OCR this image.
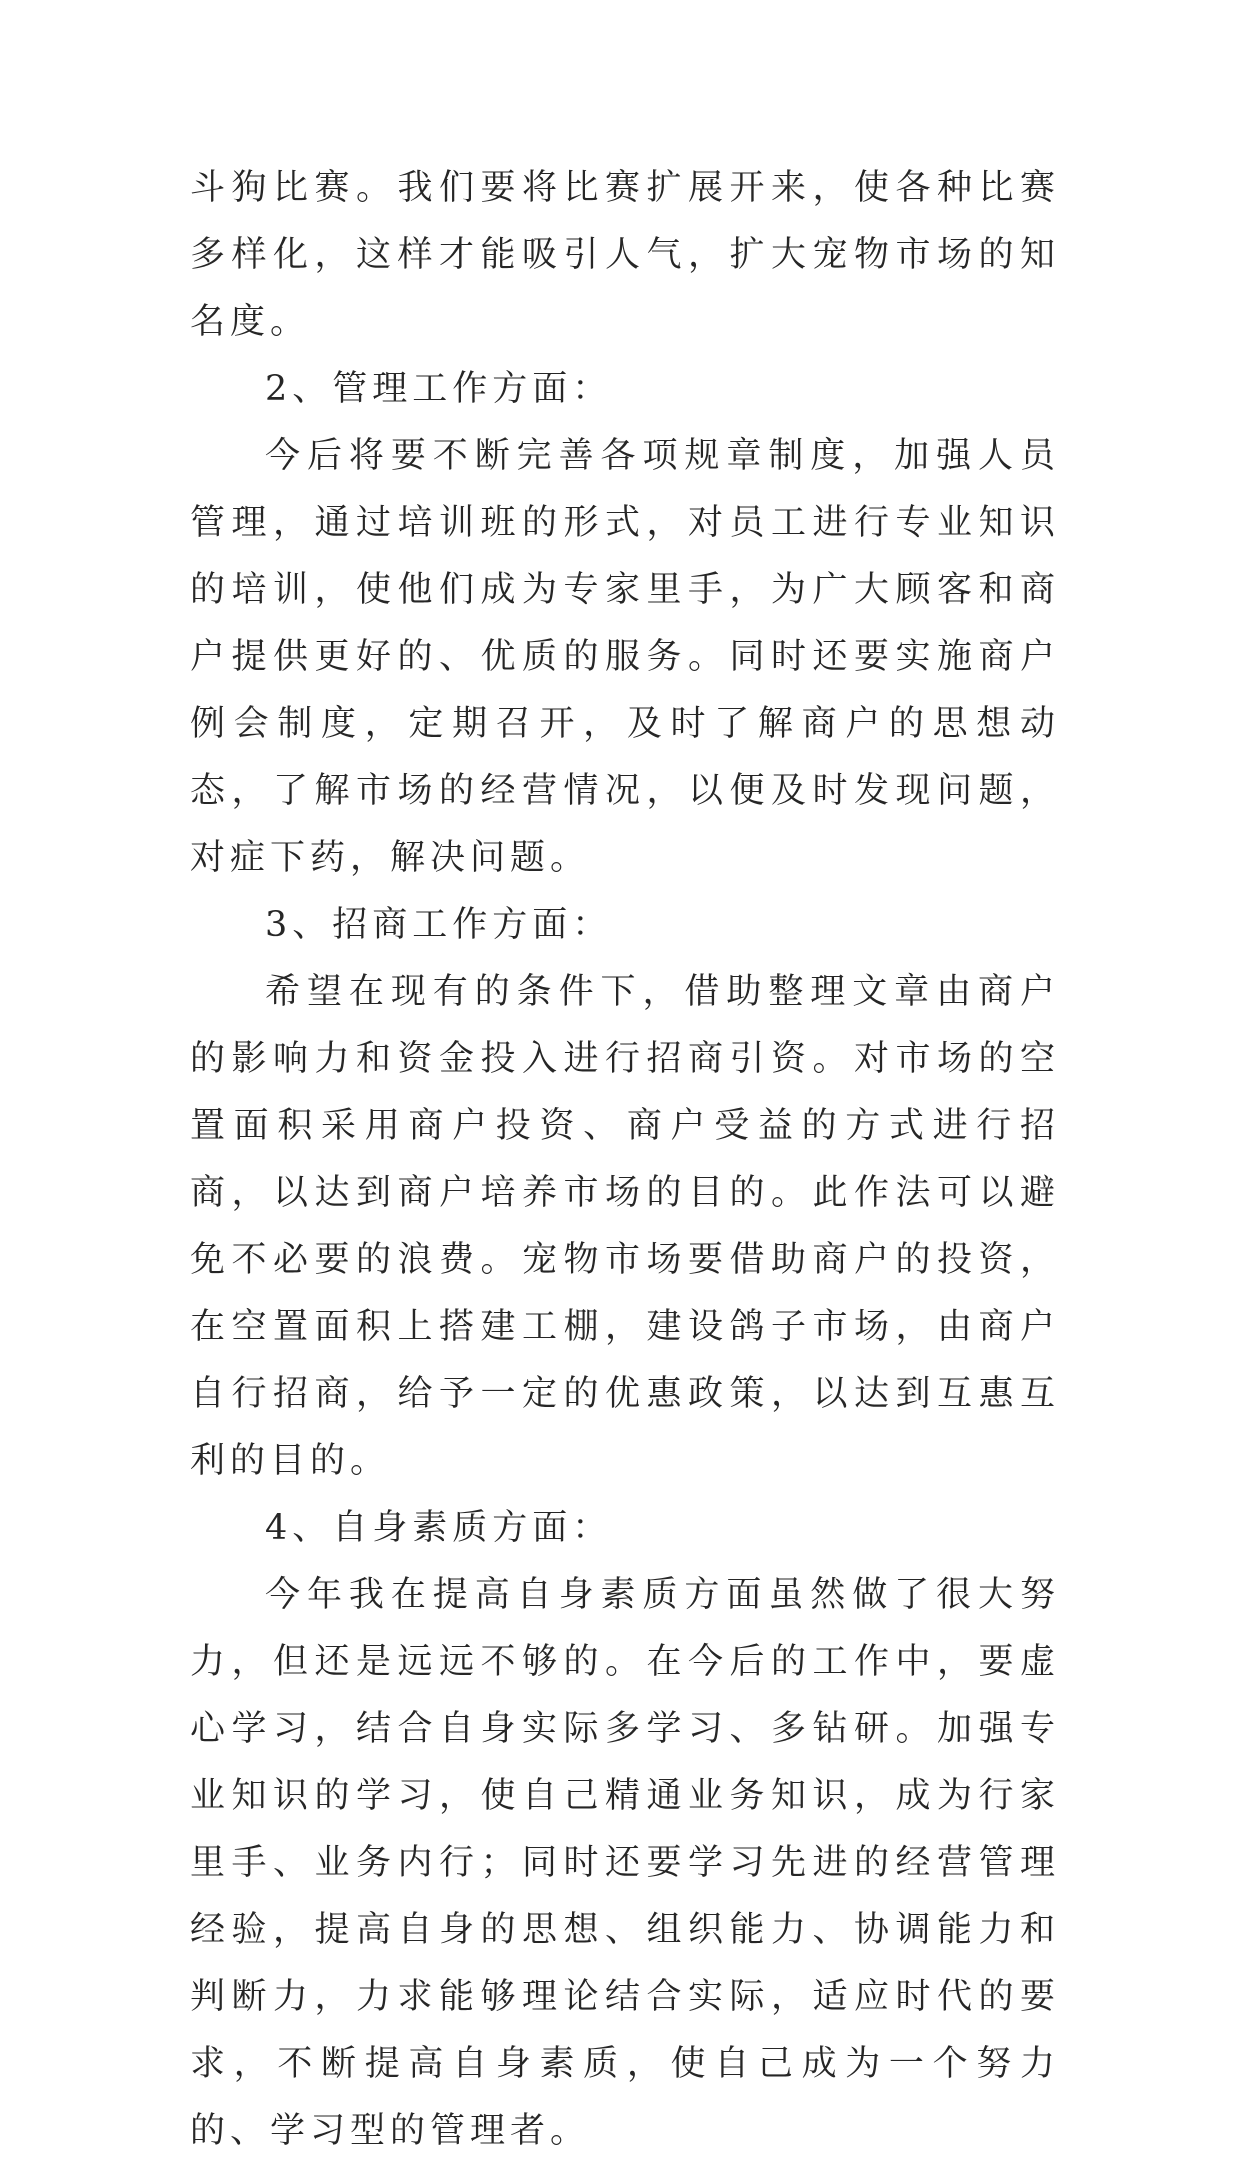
斗狗比赛。我们要将比赛扩展开来，使各种比赛多样化，这样才能吸引人气，扩大宠物市场的知名度。

2、管理工作方面：

今后将要不断完善各项规章制度，加强人员管理，通过培训班的形式，对员工进行专业知识的培训，使他们成为专家里手，为广大顾客和商户提供更好的、优质的服务。同时还要实施商户例会制度，定期召开，及时了解商户的思想动态，了解市场的经营情况，以便及时发现问题，对症下药，解决问题。

3、招商工作方面：

希望在现有的条件下，借助整理文章由商户的影响力和资金投入进行招商引资。对市场的空置面积采用商户投资、商户受益的方式进行招商，以达到商户培养市场的目的。此作法可以避免不必要的浪费。宠物市场要借助商户的投资，在空置面积上搭建工棚，建设鸽子市场，由商户自行招商，给予一定的优惠政策，以达到互惠互利的目的。

4、自身素质方面：

今年我在提高自身素质方面虽然做了很大努力，但还是远远不够的。在今后的工作中，要虚心学习，结合自身实际多学习、多钻研。加强专业知识的学习，使自己精通业务知识，成为行家里手、业务内行；同时还要学习先进的经营管理经验，提高自身的思想、组织能力、协调能力和判断力，力求能够理论结合实际，适应时代的要求，不断提高自身素质，使自己成为一个努力的、学习型的管理者。
